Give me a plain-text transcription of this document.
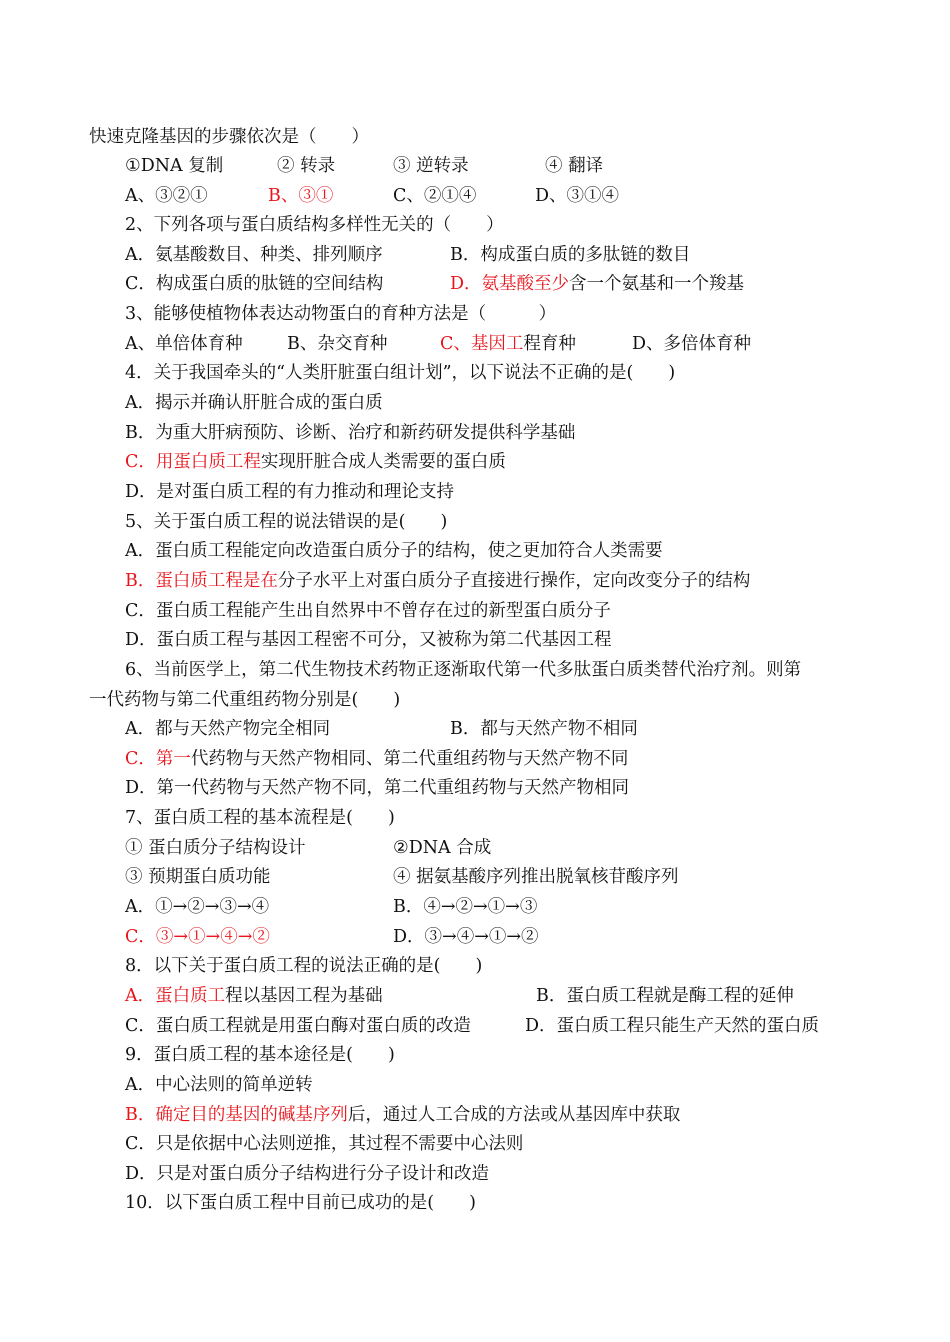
快速克隆基因的步骤依次是（　　）
①DNA 复制	② 转录	③ 逆转录	④ 翻译
A、③②①	B、③①	C、②①④	D、③①④
2、下列各项与蛋白质结构多样性无关的（　　）
A．氨基酸数目、种类、排列顺序	B．构成蛋白质的多肽链的数目
C．构成蛋白质的肽链的空间结构	D．氨基酸至少含一个氨基和一个羧基
3、能够使植物体表达动物蛋白的育种方法是（　　　）
A、单倍体育种	B、杂交育种	C、基因工程育种	D、多倍体育种
4．关于我国牵头的“人类肝脏蛋白组计划”，以下说法不正确的是(　　)
A．揭示并确认肝脏合成的蛋白质
B．为重大肝病预防、诊断、治疗和新药研发提供科学基础
C．用蛋白质工程实现肝脏合成人类需要的蛋白质
D．是对蛋白质工程的有力推动和理论支持
5、关于蛋白质工程的说法错误的是(　　)
A．蛋白质工程能定向改造蛋白质分子的结构，使之更加符合人类需要
B．蛋白质工程是在分子水平上对蛋白质分子直接进行操作，定向改变分子的结构
C．蛋白质工程能产生出自然界中不曾存在过的新型蛋白质分子
D．蛋白质工程与基因工程密不可分，又被称为第二代基因工程
6、当前医学上，第二代生物技术药物正逐渐取代第一代多肽蛋白质类替代治疗剂。则第
一代药物与第二代重组药物分别是(　　)
A．都与天然产物完全相同	B．都与天然产物不相同
C．第一代药物与天然产物相同、第二代重组药物与天然产物不同
D．第一代药物与天然产物不同，第二代重组药物与天然产物相同
7、蛋白质工程的基本流程是(　　)
① 蛋白质分子结构设计	②DNA 合成
③ 预期蛋白质功能	④ 据氨基酸序列推出脱氧核苷酸序列
A．①→②→③→④	B．④→②→①→③
C．③→①→④→②	D．③→④→①→②
8．以下关于蛋白质工程的说法正确的是(　　)
A．蛋白质工程以基因工程为基础	B．蛋白质工程就是酶工程的延伸
C．蛋白质工程就是用蛋白酶对蛋白质的改造	D．蛋白质工程只能生产天然的蛋白质
9．蛋白质工程的基本途径是(　　)
A．中心法则的简单逆转
B．确定目的基因的碱基序列后，通过人工合成的方法或从基因库中获取
C．只是依据中心法则逆推，其过程不需要中心法则
D．只是对蛋白质分子结构进行分子设计和改造
10．以下蛋白质工程中目前已成功的是(　　)
